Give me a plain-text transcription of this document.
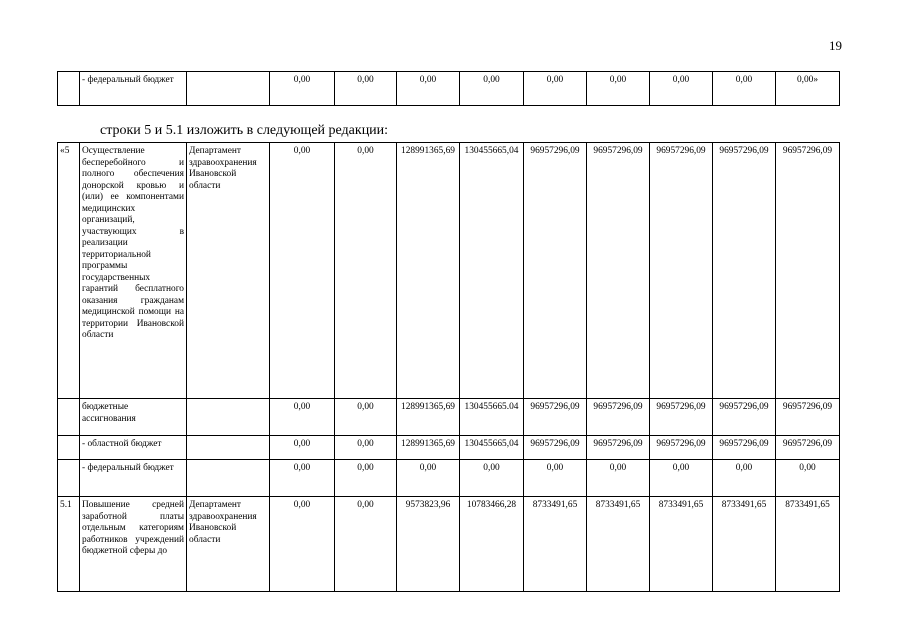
19
	- федеральный бюджет		0,00	0,00	0,00	0,00	0,00	0,00	0,00	0,00	0,00»
строки 5 и 5.1 изложить в следующей редакции:
«5	Осуществление бесперебойного и полного обеспечения донорской кровью и (или) ее компонентами медицинских организаций, участвующих в реализации территориальной программы государственных гарантий бесплатного оказания гражданам медицинской помощи на территории Ивановской области	Департамент здравоохранения Ивановской области	0,00	0,00	128991365,69	130455665,04	96957296,09	96957296,09	96957296,09	96957296,09	96957296,09
	бюджетные ассигнования		0,00	0,00	128991365,69	130455665.04	96957296,09	96957296,09	96957296,09	96957296,09	96957296,09
	- областной бюджет		0,00	0,00	128991365,69	130455665,04	96957296,09	96957296,09	96957296,09	96957296,09	96957296,09
	- федеральный бюджет		0,00	0,00	0,00	0,00	0,00	0,00	0,00	0,00	0,00
5.1	Повышение средней заработной платы отдельным категориям работников учреждений бюджетной сферы до	Департамент здравоохранения Ивановской области	0,00	0,00	9573823,96	10783466,28	8733491,65	8733491,65	8733491,65	8733491,65	8733491,65
